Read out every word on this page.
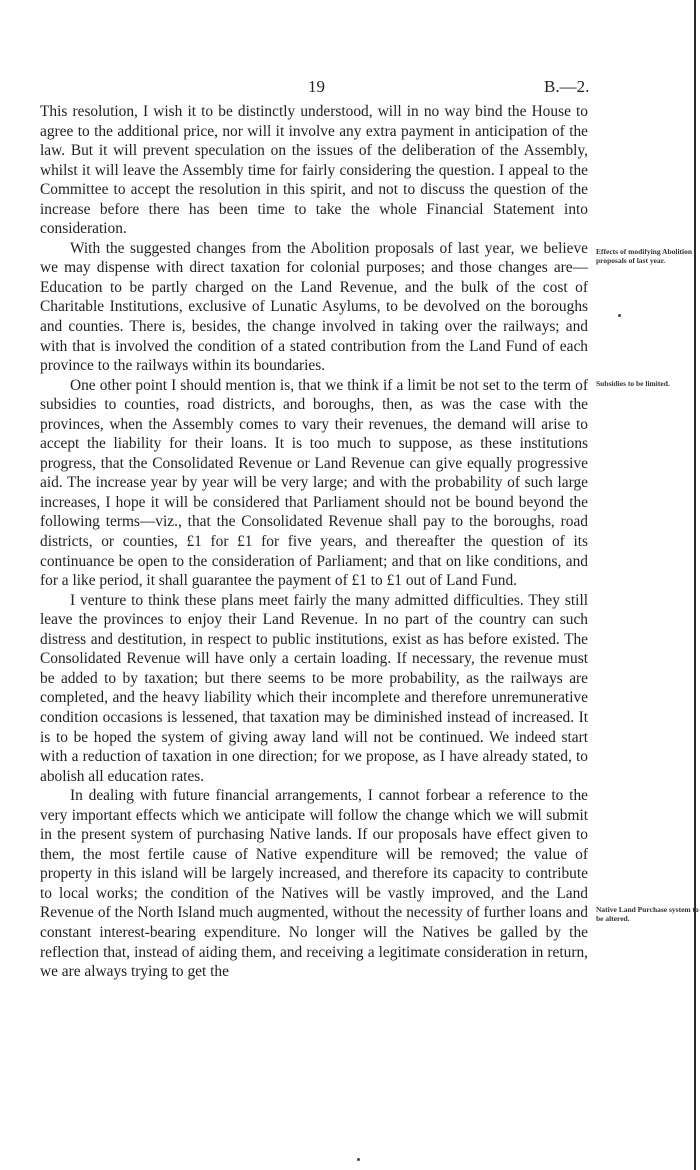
19	B.—2.

This resolution, I wish it to be distinctly understood, will in no way bind the House to agree to the additional price, nor will it involve any extra payment in anticipation of the law. But it will prevent speculation on the issues of the deliberation of the Assembly, whilst it will leave the Assembly time for fairly considering the question. I appeal to the Committee to accept the resolution in this spirit, and not to discuss the question of the increase before there has been time to take the whole Financial Statement into consideration.

With the suggested changes from the Abolition proposals of last year, we believe we may dispense with direct taxation for colonial purposes; and those changes are—Education to be partly charged on the Land Revenue, and the bulk of the cost of Charitable Institutions, exclusive of Lunatic Asylums, to be devolved on the boroughs and counties. There is, besides, the change involved in taking over the railways; and with that is involved the condition of a stated contribution from the Land Fund of each province to the railways within its boundaries.

One other point I should mention is, that we think if a limit be not set to the term of subsidies to counties, road districts, and boroughs, then, as was the case with the provinces, when the Assembly comes to vary their revenues, the demand will arise to accept the liability for their loans. It is too much to suppose, as these institutions progress, that the Consolidated Revenue or Land Revenue can give equally progressive aid. The increase year by year will be very large; and with the probability of such large increases, I hope it will be considered that Parliament should not be bound beyond the following terms—viz., that the Consolidated Revenue shall pay to the boroughs, road districts, or counties, £1 for £1 for five years, and thereafter the question of its continuance be open to the consideration of Parliament; and that on like conditions, and for a like period, it shall guarantee the payment of £1 to £1 out of Land Fund.

I venture to think these plans meet fairly the many admitted difficulties. They still leave the provinces to enjoy their Land Revenue. In no part of the country can such distress and destitution, in respect to public institutions, exist as has before existed. The Consolidated Revenue will have only a certain loading. If necessary, the revenue must be added to by taxation; but there seems to be more probability, as the railways are completed, and the heavy liability which their incomplete and therefore unremunerative condition occasions is lessened, that taxation may be diminished instead of increased. It is to be hoped the system of giving away land will not be continued. We indeed start with a reduction of taxation in one direction; for we propose, as I have already stated, to abolish all education rates.

In dealing with future financial arrangements, I cannot forbear a reference to the very important effects which we anticipate will follow the change which we will submit in the present system of purchasing Native lands. If our proposals have effect given to them, the most fertile cause of Native expenditure will be removed; the value of property in this island will be largely increased, and therefore its capacity to contribute to local works; the condition of the Natives will be vastly improved, and the Land Revenue of the North Island much augmented, without the necessity of further loans and constant interest-bearing expenditure. No longer will the Natives be galled by the reflection that, instead of aiding them, and receiving a legitimate consideration in return, we are always trying to get the

Effects of modifying Abolition proposals of last year.
Subsidies to be limited.
Native Land Purchase system to be altered.
